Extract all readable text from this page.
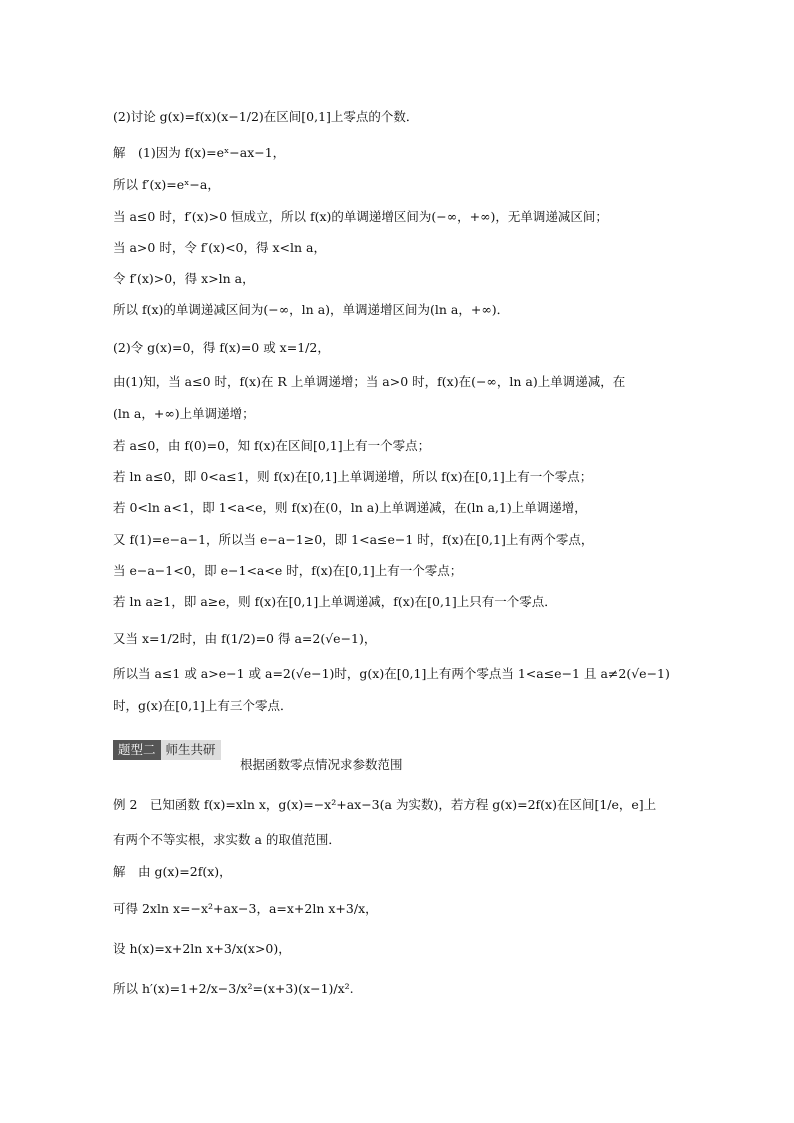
(2)讨论 g(x)=f(x)(x−1/2)在区间[0,1]上零点的个数．
解　(1)因为 f(x)=eˣ−ax−1，
所以 f′(x)=eˣ−a，
当 a≤0 时，f′(x)>0 恒成立，所以 f(x)的单调递增区间为(−∞，+∞)，无单调递减区间；
当 a>0 时，令 f′(x)<0，得 x<ln a，
令 f′(x)>0，得 x>ln a，
所以 f(x)的单调递减区间为(−∞，ln a)，单调递增区间为(ln a，+∞)．
(2)令 g(x)=0，得 f(x)=0 或 x=1/2，
由(1)知，当 a≤0 时，f(x)在 R 上单调递增；当 a>0 时，f(x)在(−∞，ln a)上单调递减，在
(ln a，+∞)上单调递增；
若 a≤0，由 f(0)=0，知 f(x)在区间[0,1]上有一个零点；
若 ln a≤0，即 0<a≤1，则 f(x)在[0,1]上单调递增，所以 f(x)在[0,1]上有一个零点；
若 0<ln a<1，即 1<a<e，则 f(x)在(0，ln a)上单调递减，在(ln a,1)上单调递增，
又 f(1)=e−a−1，所以当 e−a−1≥0，即 1<a≤e−1 时，f(x)在[0,1]上有两个零点，
当 e−a−1<0，即 e−1<a<e 时，f(x)在[0,1]上有一个零点；
若 ln a≥1，即 a≥e，则 f(x)在[0,1]上单调递减，f(x)在[0,1]上只有一个零点．
又当 x=1/2时，由 f(1/2)=0 得 a=2(√e−1)，
所以当 a≤1 或 a>e−1 或 a=2(√e−1)时，g(x)在[0,1]上有两个零点当 1<a≤e−1 且 a≠2(√e−1)
时，g(x)在[0,1]上有三个零点．
题型二 师生共研
根据函数零点情况求参数范围
例 2　已知函数 f(x)=xln x，g(x)=−x²+ax−3(a 为实数)，若方程 g(x)=2f(x)在区间[1/e，e]上
有两个不等实根，求实数 a 的取值范围．
解　由 g(x)=2f(x)，
可得 2xln x=−x²+ax−3，a=x+2ln x+3/x，
设 h(x)=x+2ln x+3/x(x>0)，
所以 h′(x)=1+2/x−3/x²=(x+3)(x−1)/x².
